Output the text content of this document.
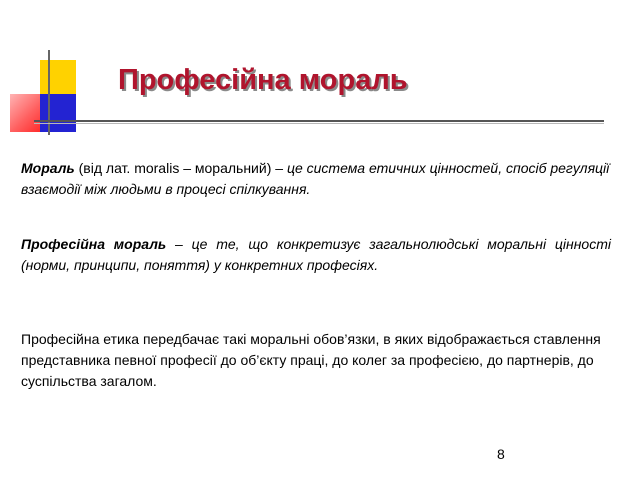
Професійна мораль

Мораль (від лат. moralis – моральний) – це система етичних цінностей, спосіб регуляції взаємодії між людьми в процесі спілкування.

Професійна мораль – це те, що конкретизує загальнолюдські моральні цінності (норми, принципи, поняття) у конкретних професіях.

Професійна етика передбачає такі моральні обов’язки, в яких відображається ставлення представника певної професії до об’єкту праці, до колег за професією, до партнерів, до суспільства загалом.

8
